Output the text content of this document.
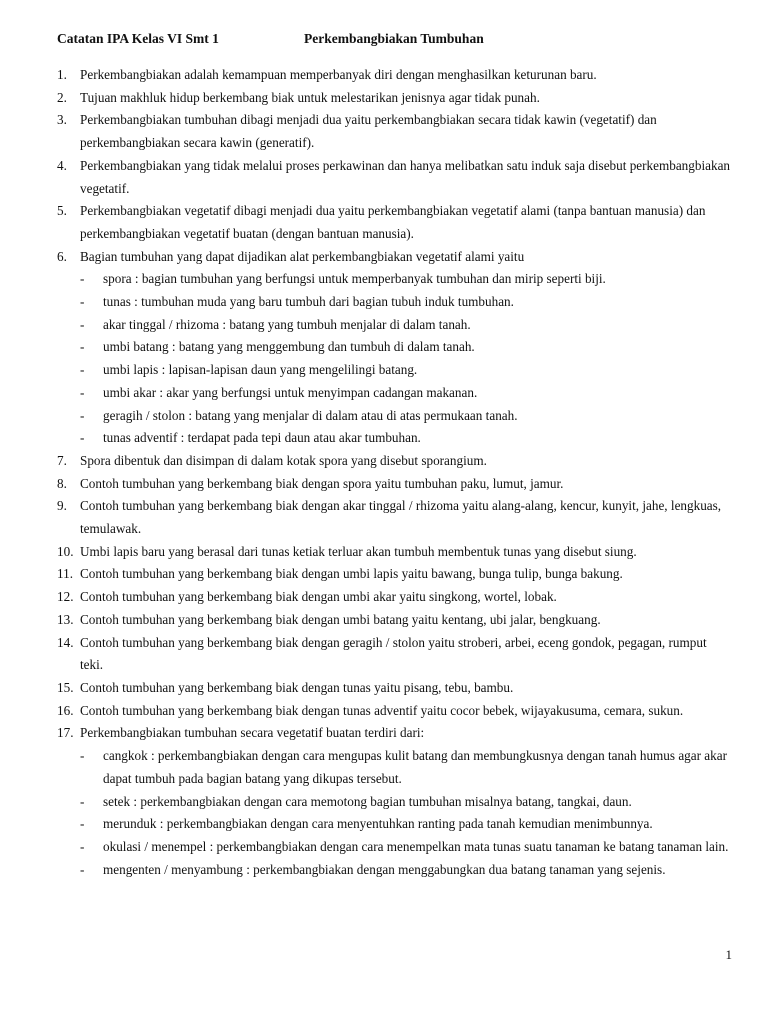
Catatan IPA Kelas VI Smt 1	Perkembangbiakan Tumbuhan
1. Perkembangbiakan adalah kemampuan memperbanyak diri dengan menghasilkan keturunan baru.
2. Tujuan makhluk hidup berkembang biak untuk melestarikan jenisnya agar tidak punah.
3. Perkembangbiakan tumbuhan dibagi menjadi dua yaitu perkembangbiakan secara tidak kawin (vegetatif) dan perkembangbiakan secara kawin (generatif).
4. Perkembangbiakan yang tidak melalui proses perkawinan dan hanya melibatkan satu induk saja disebut perkembangbiakan vegetatif.
5. Perkembangbiakan vegetatif dibagi menjadi dua yaitu perkembangbiakan vegetatif alami (tanpa bantuan manusia) dan perkembangbiakan vegetatif buatan (dengan bantuan manusia).
6. Bagian tumbuhan yang dapat dijadikan alat perkembangbiakan vegetatif alami yaitu
-	spora : bagian tumbuhan yang berfungsi untuk memperbanyak tumbuhan dan mirip seperti biji.
-	tunas : tumbuhan muda yang baru tumbuh dari bagian tubuh induk tumbuhan.
-	akar tinggal / rhizoma : batang yang tumbuh menjalar di dalam tanah.
-	umbi batang : batang yang menggembung dan tumbuh di dalam tanah.
-	umbi lapis : lapisan-lapisan daun yang mengelilingi batang.
-	umbi akar : akar yang berfungsi untuk menyimpan cadangan makanan.
-	geragih / stolon : batang yang menjalar di dalam atau di atas permukaan tanah.
-	tunas adventif : terdapat pada tepi daun atau akar tumbuhan.
7. Spora dibentuk dan disimpan di dalam kotak spora yang disebut sporangium.
8. Contoh tumbuhan yang berkembang biak dengan spora yaitu tumbuhan paku, lumut, jamur.
9. Contoh tumbuhan yang berkembang biak dengan akar tinggal / rhizoma yaitu alang-alang, kencur, kunyit, jahe, lengkuas, temulawak.
10. Umbi lapis baru yang berasal dari tunas ketiak terluar akan tumbuh membentuk tunas yang disebut siung.
11. Contoh tumbuhan yang berkembang biak dengan umbi lapis yaitu bawang, bunga tulip, bunga bakung.
12. Contoh tumbuhan yang berkembang biak dengan umbi akar yaitu singkong, wortel, lobak.
13. Contoh tumbuhan yang berkembang biak dengan umbi batang yaitu kentang, ubi jalar, bengkuang.
14. Contoh tumbuhan yang berkembang biak dengan geragih / stolon yaitu stroberi, arbei, eceng gondok, pegagan, rumput teki.
15. Contoh tumbuhan yang berkembang biak dengan tunas yaitu pisang, tebu, bambu.
16. Contoh tumbuhan yang berkembang biak dengan tunas adventif yaitu cocor bebek, wijayakusuma, cemara, sukun.
17. Perkembangbiakan tumbuhan secara vegetatif buatan terdiri dari:
-	cangkok : perkembangbiakan dengan cara mengupas kulit batang dan membungkusnya dengan tanah humus agar akar dapat tumbuh pada bagian batang yang dikupas tersebut.
-	setek : perkembangbiakan dengan cara memotong bagian tumbuhan misalnya batang, tangkai, daun.
-	merunduk : perkembangbiakan dengan cara menyentuhkan ranting pada tanah kemudian menimbunnya.
-	okulasi / menempel : perkembangbiakan dengan cara menempelkan mata tunas suatu tanaman ke batang tanaman lain.
-	mengenten / menyambung : perkembangbiakan dengan menggabungkan dua batang tanaman yang sejenis.
1
